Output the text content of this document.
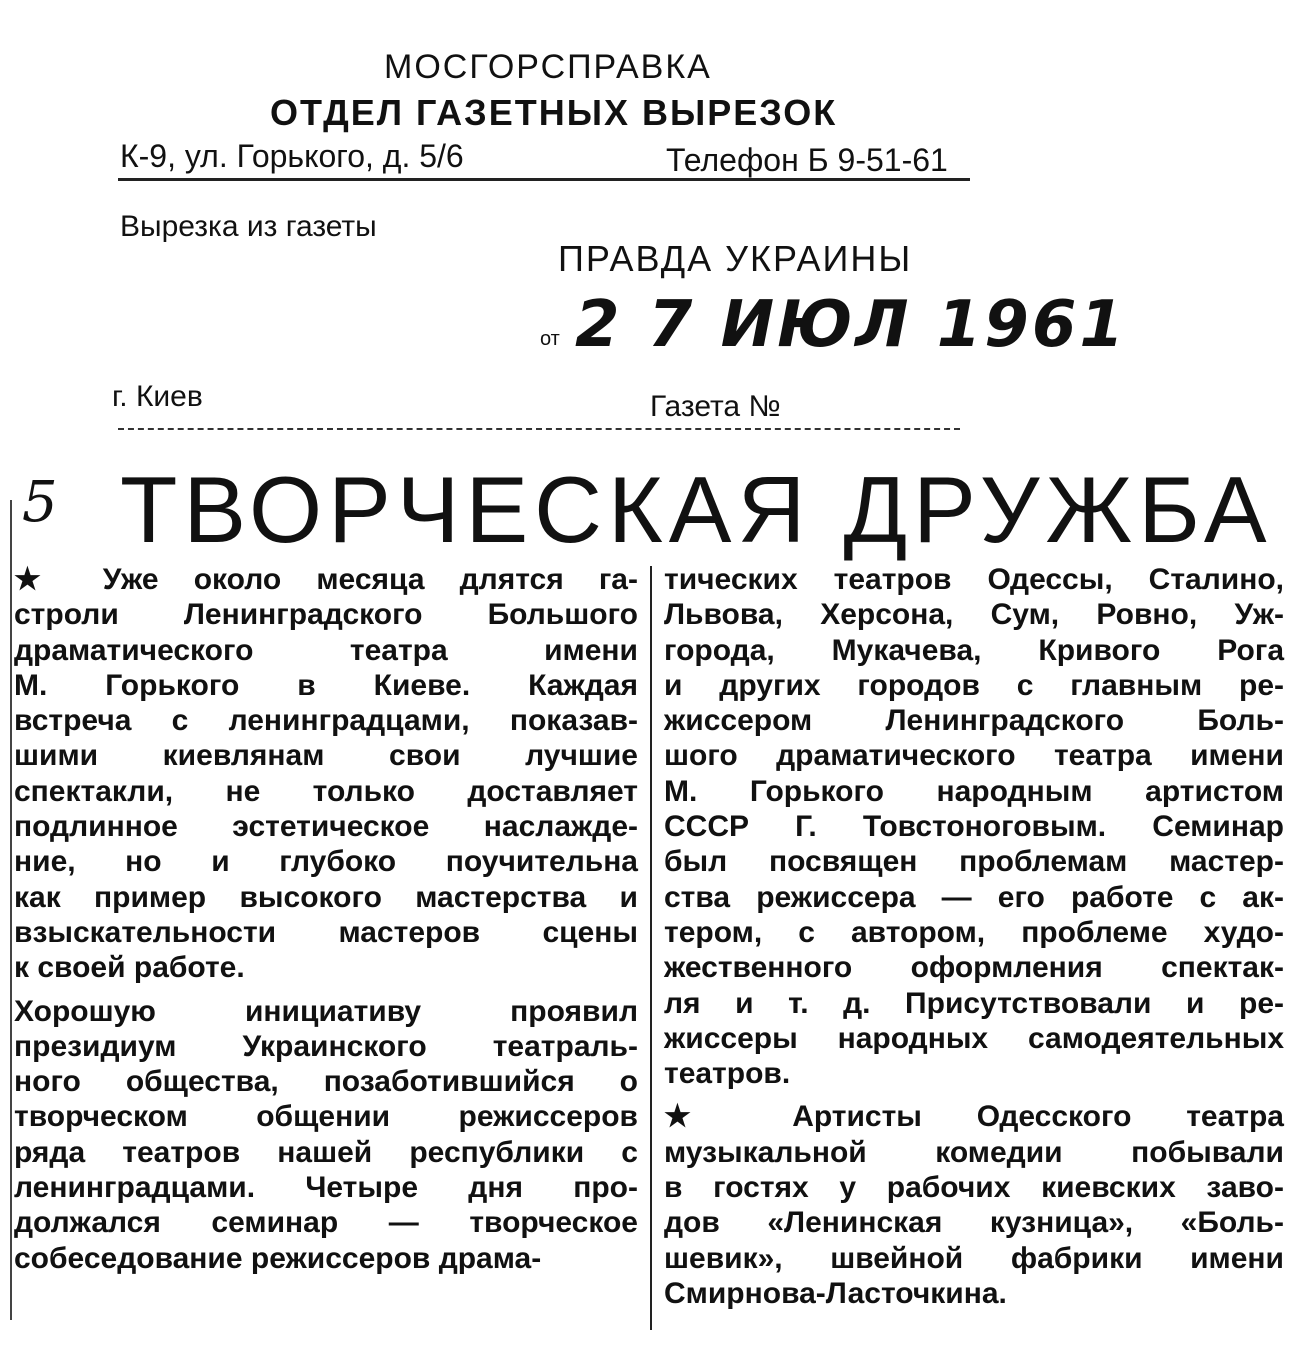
МОСГОРСПРАВКА
ОТДЕЛ ГАЗЕТНЫХ ВЫРЕЗОК
К-9, ул. Горького, д. 5/6	Телефон Б 9-51-61
Вырезка из газеты
ПРАВДА УКРАИНЫ
от 2 7 ИЮЛ 1961
г. Киев	Газета №
5 ТВОРЧЕСКАЯ ДРУЖБА
★ Уже около месяца длятся га-
строли Ленинградского Большого
драматического театра имени
М. Горького в Киеве. Каждая
встреча с ленинградцами, показав-
шими киевлянам свои лучшие
спектакли, не только доставляет
подлинное эстетическое наслажде-
ние, но и глубоко поучительна
как пример высокого мастерства и
взыскательности мастеров сцены
к своей работе.
Хорошую инициативу проявил
президиум Украинского театраль-
ного общества, позаботившийся о
творческом общении режиссеров
ряда театров нашей республики с
ленинградцами. Четыре дня про-
должался семинар — творческое
собеседование режиссеров драма-
тических театров Одессы, Сталино,
Львова, Херсона, Сум, Ровно, Уж-
города, Мукачева, Кривого Рога
и других городов с главным ре-
жиссером Ленинградского Боль-
шого драматического театра имени
М. Горького народным артистом
СССР Г. Товстоноговым. Семинар
был посвящен проблемам мастер-
ства режиссера — его работе с ак-
тером, с автором, проблеме худо-
жественного оформления спектак-
ля и т. д. Присутствовали и ре-
жиссеры народных самодеятельных
театров.
★ Артисты Одесского театра
музыкальной комедии побывали
в гостях у рабочих киевских заво-
дов «Ленинская кузница», «Боль-
шевик», швейной фабрики имени
Смирнова-Ласточкина.
